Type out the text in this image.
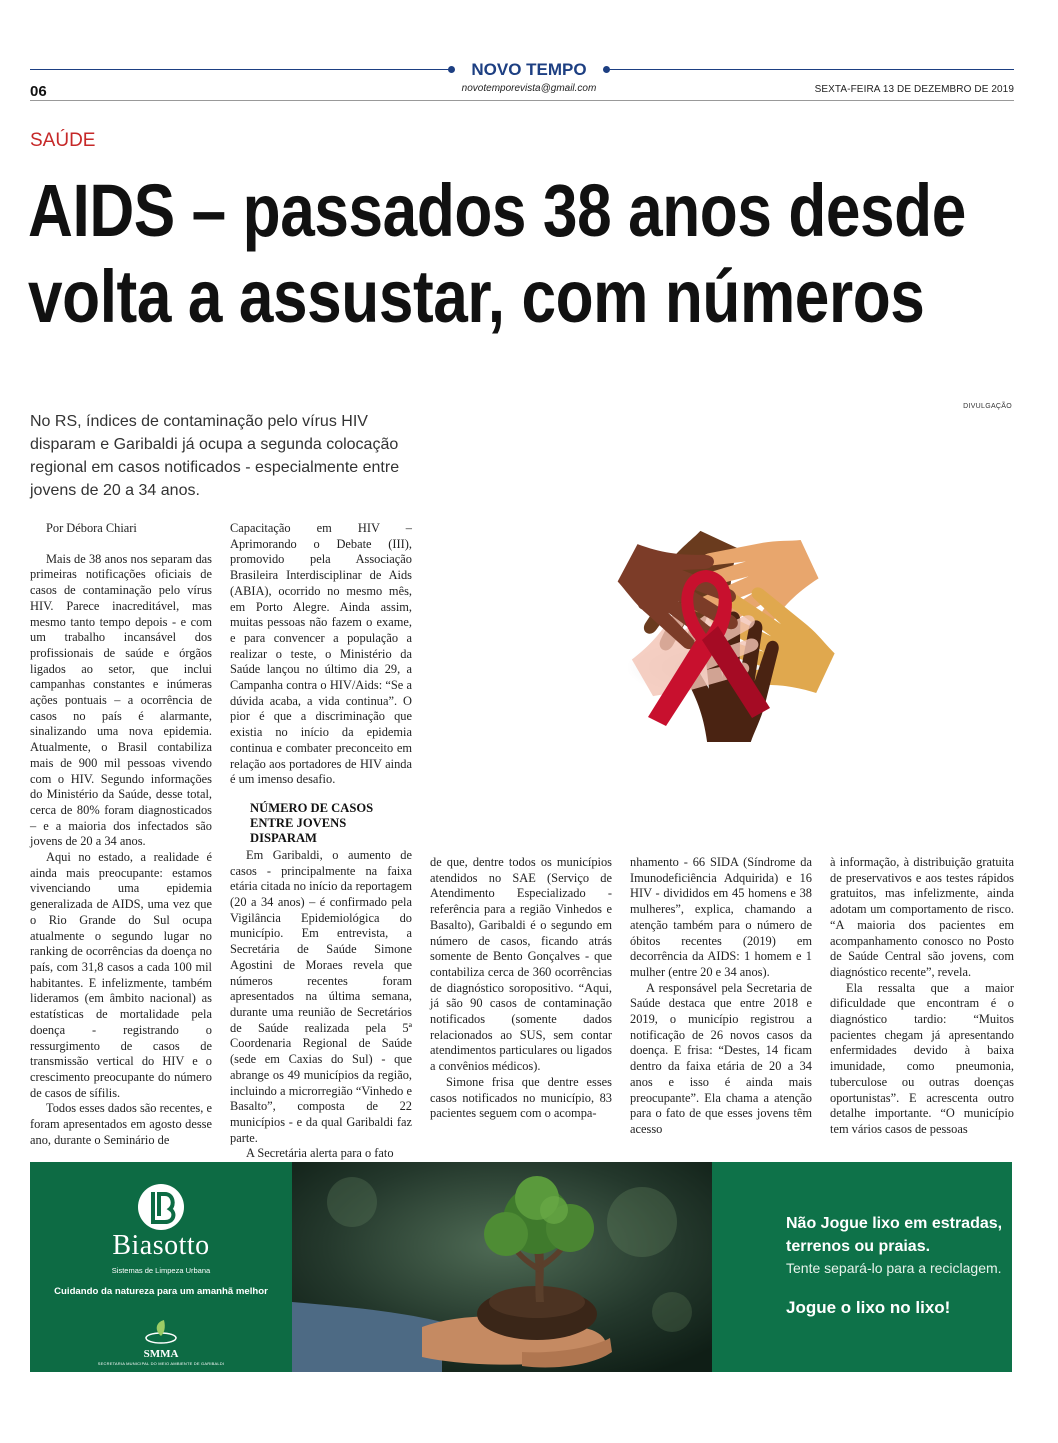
NOVO TEMPO
06	novotemporevista@gmail.com	SEXTA-FEIRA 13 DE DEZEMBRO DE 2019
SAÚDE
AIDS – passados 38 anos desde
volta a assustar, com números
No RS, índices de contaminação pelo vírus HIV disparam e Garibaldi já ocupa a segunda colocação regional em casos notificados - especialmente entre jovens de 20 a 34 anos.
DIVULGAÇÃO

Por Débora Chiari

Mais de 38 anos nos separam das primeiras notificações oficiais de casos de contaminação pelo vírus HIV. Parece inacreditável, mas mesmo tanto tempo depois - e com um trabalho incansável dos profissionais de saúde e órgãos ligados ao setor, que inclui campanhas constantes e inúmeras ações pontuais – a ocorrência de casos no país é alarmante, sinalizando uma nova epidemia. Atualmente, o Brasil contabiliza mais de 900 mil pessoas vivendo com o HIV. Segundo informações do Ministério da Saúde, desse total, cerca de 80% foram diagnosticados – e a maioria dos infectados são jovens de 20 a 34 anos.

Aqui no estado, a realidade é ainda mais preocupante: estamos vivenciando uma epidemia generalizada de AIDS, uma vez que o Rio Grande do Sul ocupa atualmente o segundo lugar no ranking de ocorrências da doença no país, com 31,8 casos a cada 100 mil habitantes. E infelizmente, também lideramos (em âmbito nacional) as estatísticas de mortalidade pela doença - registrando o ressurgimento de casos de transmissão vertical do HIV e o crescimento preocupante do número de casos de sífilis.

Todos esses dados são recentes, e foram apresentados em agosto desse ano, durante o Seminário de

Capacitação em HIV – Aprimorando o Debate (III), promovido pela Associação Brasileira Interdisciplinar de Aids (ABIA), ocorrido no mesmo mês, em Porto Alegre. Ainda assim, muitas pessoas não fazem o exame, e para convencer a população a realizar o teste, o Ministério da Saúde lançou no último dia 29, a Campanha contra o HIV/Aids: “Se a dúvida acaba, a vida continua”. O pior é que a discriminação que existia no início da epidemia continua e combater preconceito em relação aos portadores de HIV ainda é um imenso desafio.

NÚMERO DE CASOS ENTRE JOVENS DISPARAM

Em Garibaldi, o aumento de casos - principalmente na faixa etária citada no início da reportagem (20 a 34 anos) – é confirmado pela Vigilância Epidemiológica do município. Em entrevista, a Secretária de Saúde Simone Agostini de Moraes revela que números recentes foram apresentados na última semana, durante uma reunião de Secretários de Saúde realizada pela 5ª Coordenaria Regional de Saúde (sede em Caxias do Sul) - que abrange os 49 municípios da região, incluindo a microrregião “Vinhedo e Basalto”, composta de 22 municípios - e da qual Garibaldi faz parte.

A Secretária alerta para o fato

de que, dentre todos os municípios atendidos no SAE (Serviço de Atendimento Especializado - referência para a região Vinhedos e Basalto), Garibaldi é o segundo em número de casos, ficando atrás somente de Bento Gonçalves - que contabiliza cerca de 360 ocorrências de diagnóstico soropositivo. “Aqui, já são 90 casos de contaminação notificados (somente dados relacionados ao SUS, sem contar atendimentos particulares ou ligados a convênios médicos).

Simone frisa que dentre esses casos notificados no município, 83 pacientes seguem com o acompa-

nhamento - 66 SIDA (Síndrome da Imunodeficiência Adquirida) e 16 HIV - divididos em 45 homens e 38 mulheres”, explica, chamando a atenção também para o número de óbitos recentes (2019) em decorrência da AIDS: 1 homem e 1 mulher (entre 20 e 34 anos).

A responsável pela Secretaria de Saúde destaca que entre 2018 e 2019, o município registrou a notificação de 26 novos casos da doença. E frisa: “Destes, 14 ficam dentro da faixa etária de 20 a 34 anos e isso é ainda mais preocupante”. Ela chama a atenção para o fato de que esses jovens têm acesso

à informação, à distribuição gratuita de preservativos e aos testes rápidos gratuitos, mas infelizmente, ainda adotam um comportamento de risco. “A maioria dos pacientes em acompanhamento conosco no Posto de Saúde Central são jovens, com diagnóstico recente”, revela.

Ela ressalta que a maior dificuldade que encontram é o diagnóstico tardio: “Muitos pacientes chegam já apresentando enfermidades devido à baixa imunidade, como pneumonia, tuberculose ou outras doenças oportunistas”. E acrescenta outro detalhe importante. “O município tem vários casos de pessoas

Biasotto
Sistemas de Limpeza Urbana
Cuidando da natureza para um amanhã melhor
SMMA
SECRETARIA MUNICIPAL DO MEIO AMBIENTE DE GARIBALDI
Não Jogue lixo em estradas, terrenos ou praias.
Tente separá-lo para a reciclagem.
Jogue o lixo no lixo!
